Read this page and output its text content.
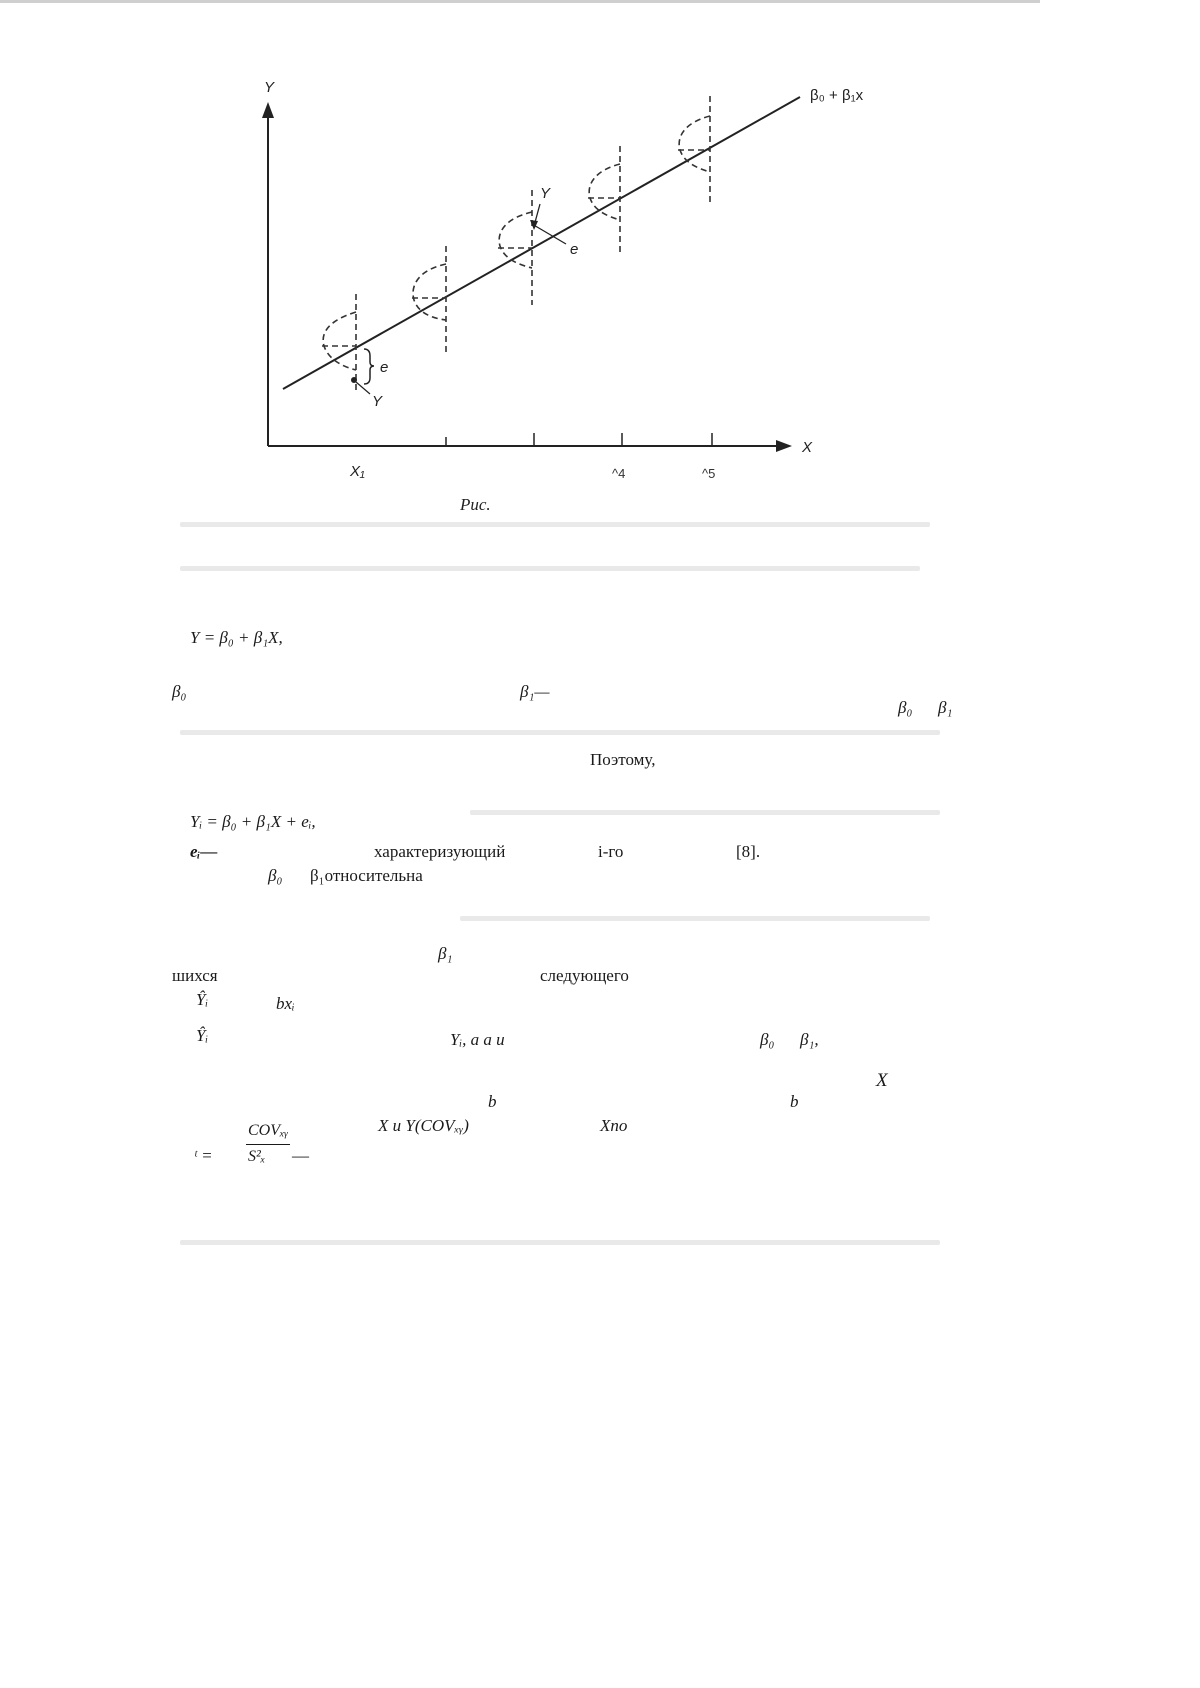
Y
X
β₀ + β₁x
X₁	^4	^5
e
e
Y
Y
Рис.
Y = β₀ + β₁X,
β₀	β₁—
β₀ β₁
Поэтому,
Yᵢ = β₀ + β₁X + eᵢ,
eᵢ—	характеризующий	i-го	[8].
β₀ β₁относительна
β₁
шихся	следующего
Ŷᵢ	bxᵢ
Ŷᵢ	Yᵢ, а a и	β₀ β₁,
X
b	b
X и Y(COVₓᵧ)	Xпо
ᵗ =
COVₓᵧ
S²ₓ —
